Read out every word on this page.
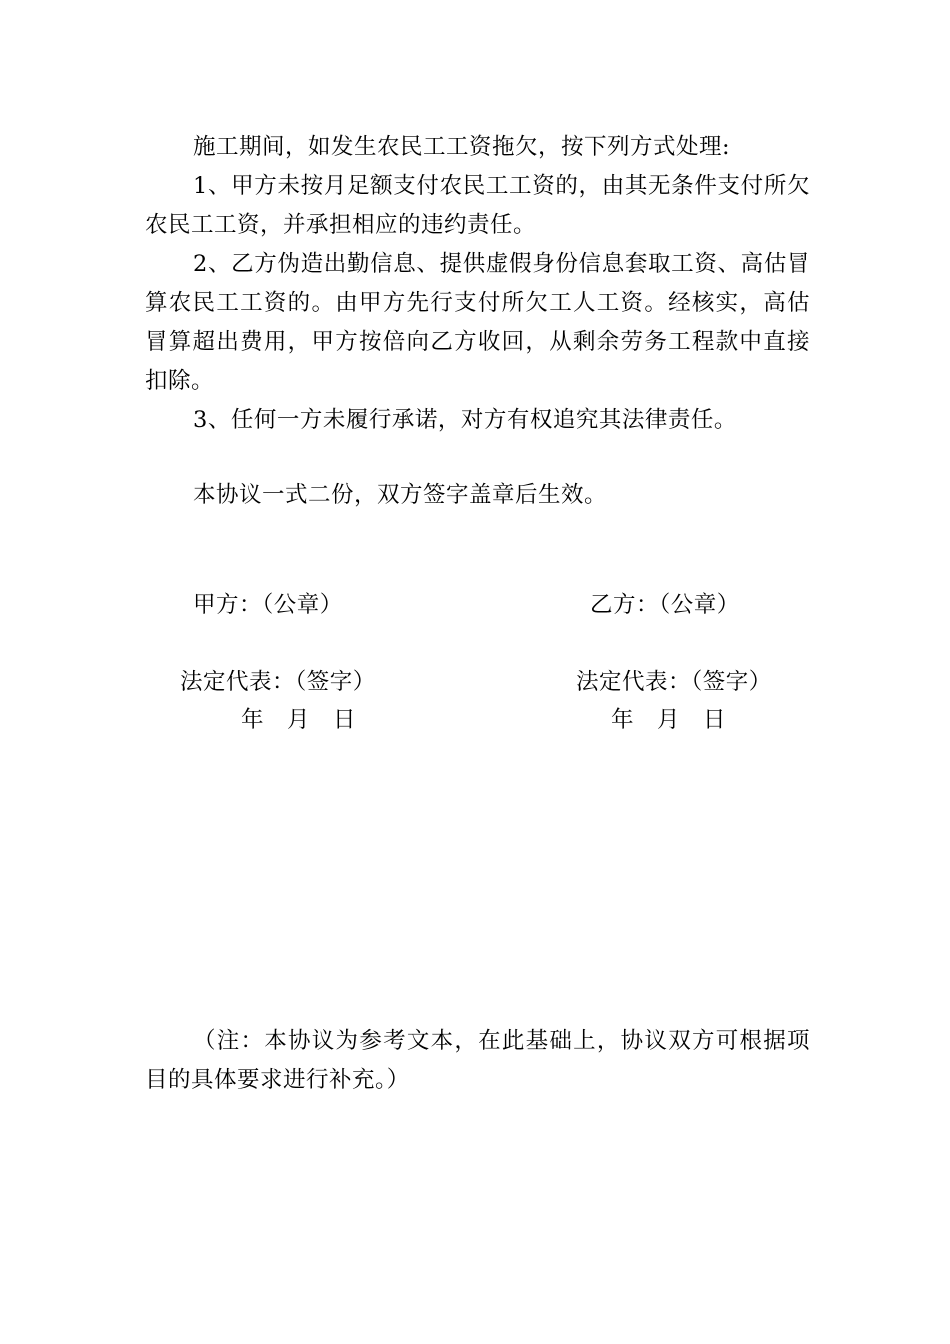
施工期间，如发生农民工工资拖欠，按下列方式处理:

1、甲方未按月足额支付农民工工资的，由其无条件支付所欠农民工工资，并承担相应的违约责任。

2、乙方伪造出勤信息、提供虚假身份信息套取工资、高估冒算农民工工资的。由甲方先行支付所欠工人工资。经核实，高估冒算超出费用，甲方按倍向乙方收回，从剩余劳务工程款中直接扣除。

3、任何一方未履行承诺，对方有权追究其法律责任。

本协议一式二份，双方签字盖章后生效。

甲方：（公章）	乙方：（公章）
法定代表：（签字）	法定代表：（签字）
年　月　日	年　月　日

（注：本协议为参考文本，在此基础上，协议双方可根据项目的具体要求进行补充。）
